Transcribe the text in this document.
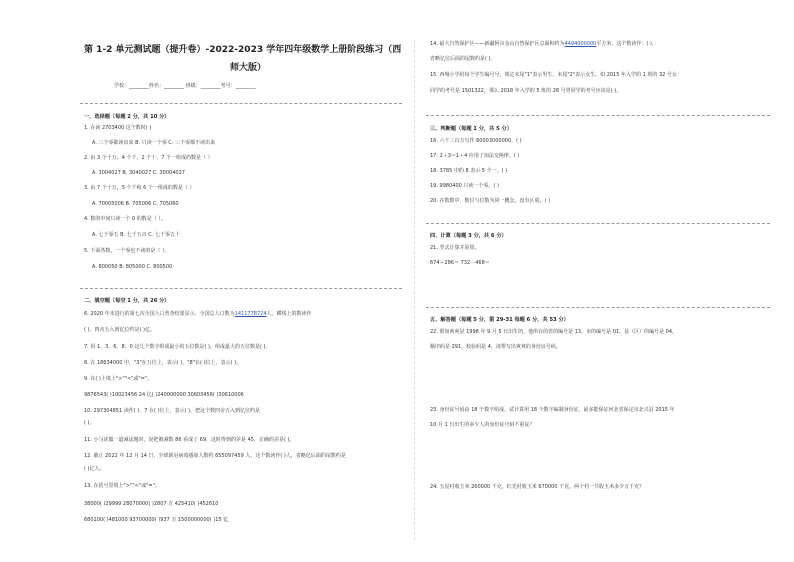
第 1-2 单元测试题（提升卷）-2022-2023 学年四年级数学上册阶段练习（西
师大版）
学校：________姓名：________ 班级：________考号：________
一、选择题（每题 2 分，共 10 分）
1. 在读 2703400 这个数时( )
A. 三个零都读出来 B. 只读一个零 C. 三个零都不读出来
2. 由 3 个千万、4 个千、2 个十、7 个一组成的数是（ ）
A. 3004027 B. 3040027 C. 30004027
3. 由 7 个十万，5 个千和 6 个一组成的数是（ ）
A. 70005006 B. 705006 C. 705060
4. 数的中间只读一个 0 的数是（ ）。
A. 七千零五 B. 七千五百 C. 七千零五十
5. 下面各数，一个零也不读的是（ ）。
A. 800050 B. 805000 C. 800500
二、填空题（每空 1 分，共 26 分）
6. 2020 年末进行的第七次全国人口普查结果显示，全国总人口数为1411778724人，横线上的数读作
( )，四舍五入到亿位约是( )亿。
7. 用 1、3、6、8、0 这几个数字组成最小的五位数是( )，组成最大的五位数是( )。
8. 在 18634000 中，"3"在万位上，表示( )，"8"在( )位上，表示( )。
9. 在( )上填上">""<"或"="。
9876543( )10023456 24 亿( )240000000 30603456( )30610006
10. 297304851 读作( )，7 在( )位上，表示( )。把这个数四舍五入到亿位约是
( )。
11. 小马虎做一道减法题时，误把被减数 86 看成了 69，这时得到的差是 45，正确的差是( )。
12. 截止 2022 年 12 月 14 日，全球新冠病毒感染人数约 655097459 人，这个数读作( )人，省略亿后面的尾数约是
( )亿人。
13. 在括号里填上">""<"或"="。
38000( )29999 28070000( )2807 万 425410( )452610
680100( )481000 93700000( )937 万 1500000000( )15 亿
14. 最大自然保护区——新疆阿尔金山自然保护区总面积约为4494000000平方米，这个数读作：( )，
省略亿位后面的尾数约是( )。
15. 西城小学给每个学生编号号，规定末尾"1"表示男生，末尾"2"表示女生。如 2015 年入学的 1 班的 32 号女
同学的考号是 1501322，那么 2018 年入学的 5 班的 28 号男同学的考号应该是( )。
三、判断题（每题 1 分，共 5 分）
16. 六千三百万写作 60003000000。( )
17. 2＋3＝1＋4 应用了加法交换律。( )
18. 3785 中的 8 表示 5 个一。( )
19. 9980400 只读一个零。( )
20. 在数数中，数位与位数为同一概念，没有区别。( )
四、计算（每题 3 分，共 6 分）
21. 竖式计算并验算。
674＋286＝ 732－468＝
五、解答题（每题 5 分，第 29-31 每题 6 分，共 53 分）
22. 假如爽爽是 1998 年 9 月 5 日出生的，他所在的省的编号是 13，市的编号是 01，县（区）的编号是 04，
顺序码是 291，校验码是 4，请帮写出爽爽的身份证号码。
23. 身份证号码由 18 个数字组成，试计算用 18 个数字编制身份证，最多能保证河北省保定市北兴县 2015 年
10 月 1 日出生的多少人的身份证号码不重复？
24. 五星村收玉米 260000 千克，红光村收玉米 670000 千克，两个村一共收玉米多少万千克？
